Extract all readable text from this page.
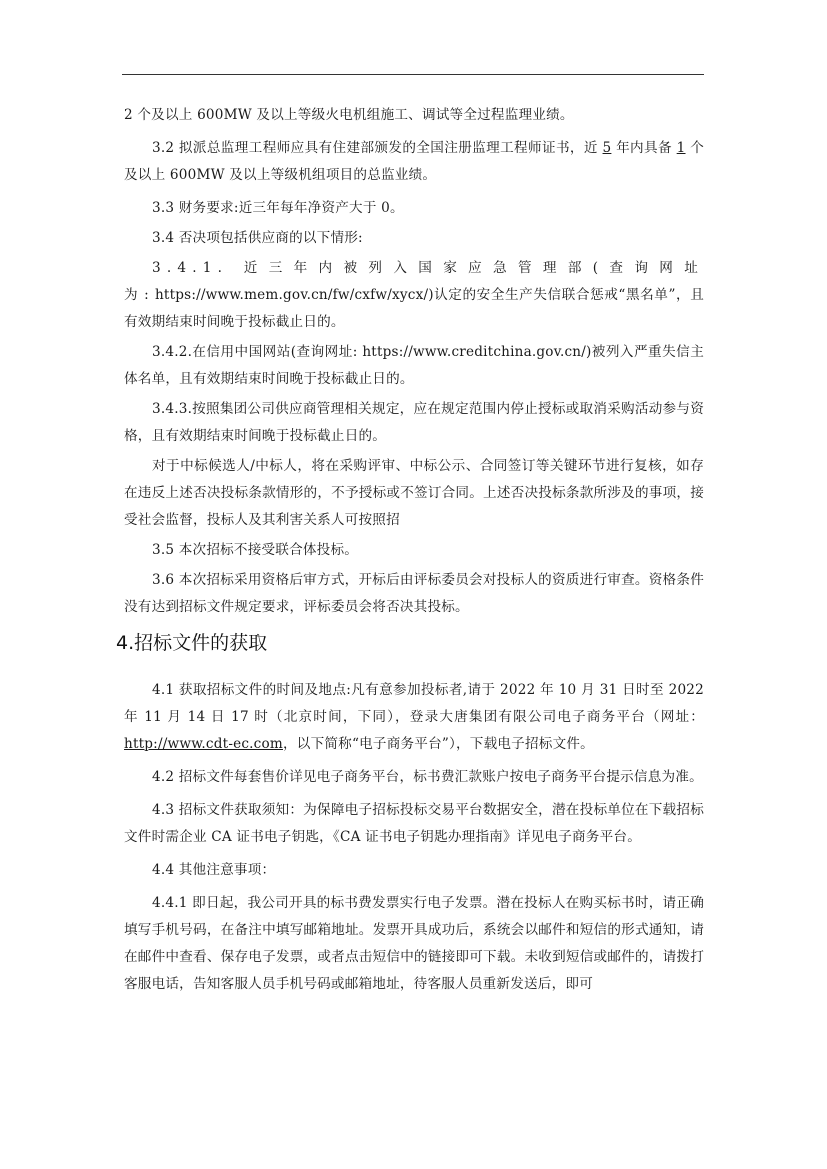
2 个及以上 600MW 及以上等级火电机组施工、调试等全过程监理业绩。

3.2 拟派总监理工程师应具有住建部颁发的全国注册监理工程师证书，近 5 年内具备 1 个及以上 600MW 及以上等级机组项目的总监业绩。

3.3 财务要求:近三年每年净资产大于 0。

3.4 否决项包括供应商的以下情形:

3.4.1. 近三年内被列入国家应急管理部(查询网址为:https://www.mem.gov.cn/fw/cxfw/xycx/)认定的安全生产失信联合惩戒“黑名单”，且有效期结束时间晚于投标截止日的。

3.4.2.在信用中国网站(查询网址: https://www.creditchina.gov.cn/)被列入严重失信主体名单，且有效期结束时间晚于投标截止日的。

3.4.3.按照集团公司供应商管理相关规定，应在规定范围内停止授标或取消采购活动参与资格，且有效期结束时间晚于投标截止日的。

对于中标候选人/中标人，将在采购评审、中标公示、合同签订等关键环节进行复核，如存在违反上述否决投标条款情形的，不予授标或不签订合同。上述否决投标条款所涉及的事项，接受社会监督，投标人及其利害关系人可按照招

3.5 本次招标不接受联合体投标。

3.6 本次招标采用资格后审方式，开标后由评标委员会对投标人的资质进行审查。资格条件没有达到招标文件规定要求，评标委员会将否决其投标。

4.招标文件的获取

4.1 获取招标文件的时间及地点:凡有意参加投标者,请于 2022 年 10 月 31 日时至 2022 年 11 月 14 日 17 时（北京时间，下同），登录大唐集团有限公司电子商务平台（网址：http://www.cdt-ec.com，以下简称“电子商务平台”），下载电子招标文件。

4.2 招标文件每套售价详见电子商务平台，标书费汇款账户按电子商务平台提示信息为准。

4.3 招标文件获取须知：为保障电子招标投标交易平台数据安全，潜在投标单位在下载招标文件时需企业 CA 证书电子钥匙，《CA 证书电子钥匙办理指南》详见电子商务平台。

4.4 其他注意事项：

4.4.1 即日起，我公司开具的标书费发票实行电子发票。潜在投标人在购买标书时，请正确填写手机号码，在备注中填写邮箱地址。发票开具成功后，系统会以邮件和短信的形式通知，请在邮件中查看、保存电子发票，或者点击短信中的链接即可下载。未收到短信或邮件的，请拨打客服电话，告知客服人员手机号码或邮箱地址，待客服人员重新发送后，即可
